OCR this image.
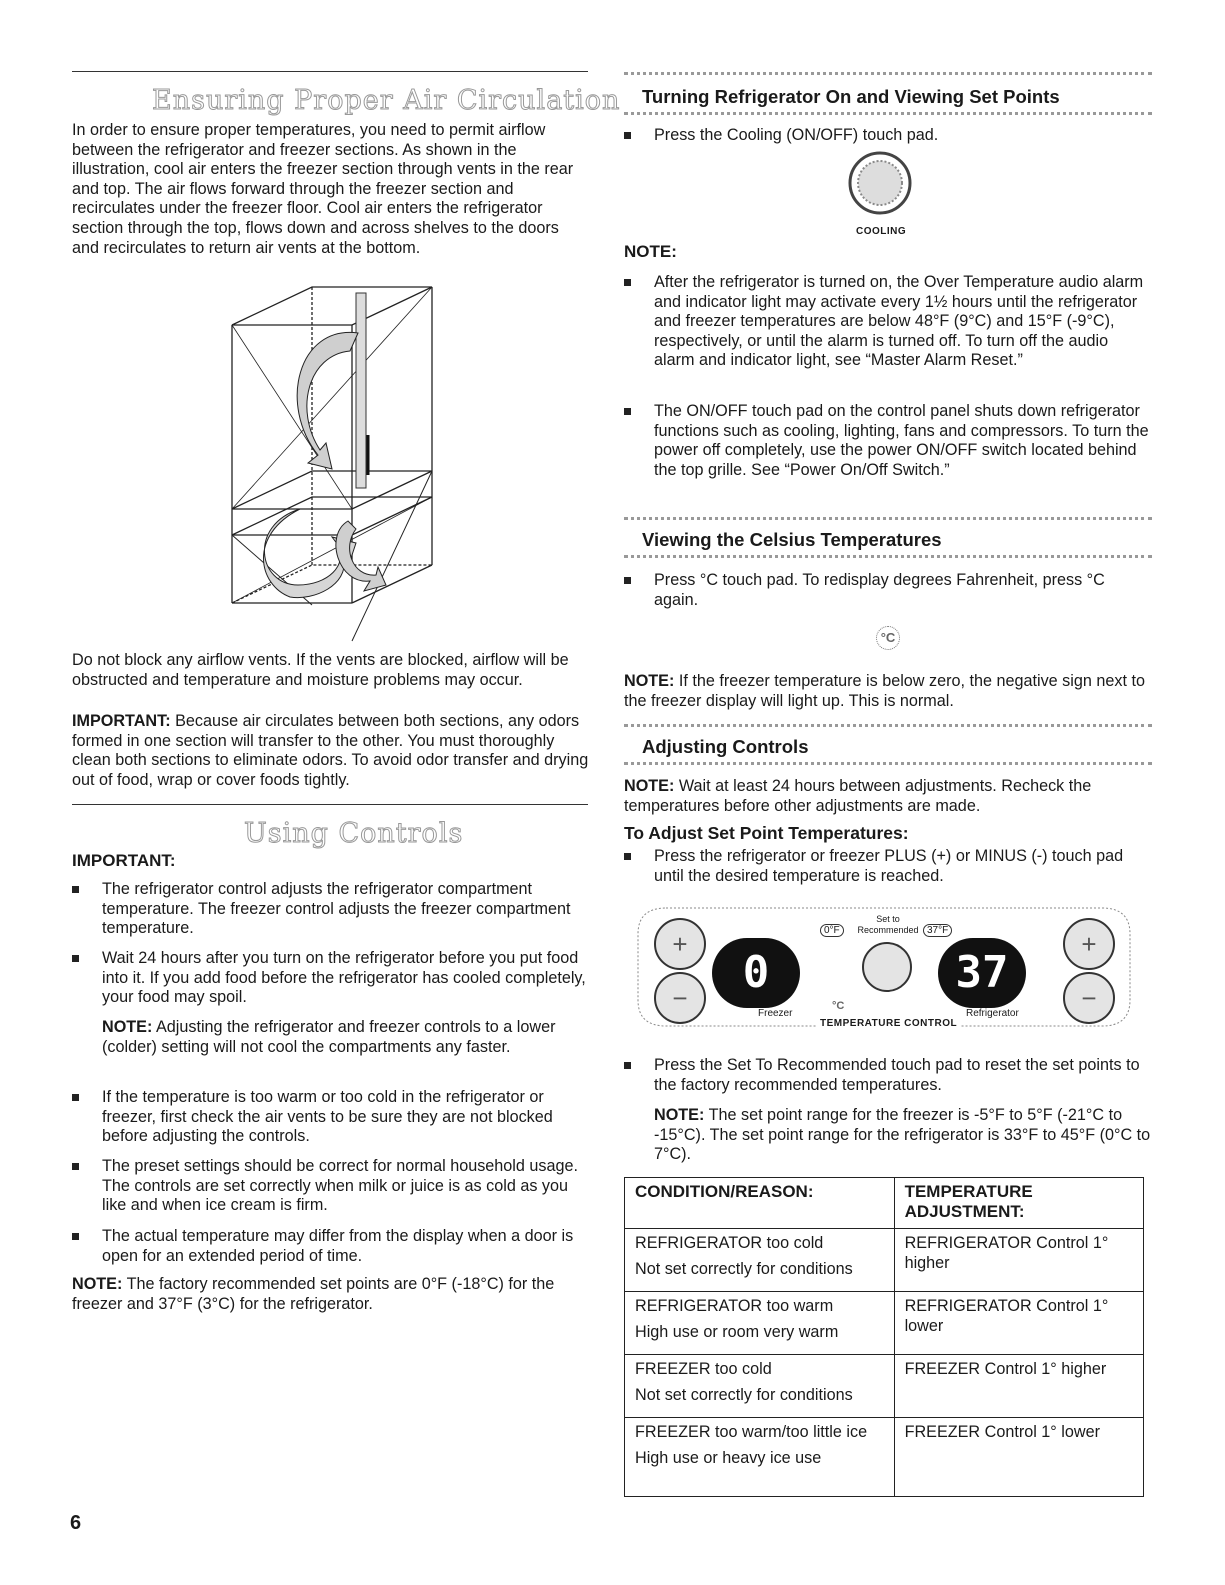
Ensuring Proper Air Circulation

In order to ensure proper temperatures, you need to permit airflow between the refrigerator and freezer sections. As shown in the illustration, cool air enters the freezer section through vents in the rear and top. The air flows forward through the freezer section and recirculates under the freezer floor. Cool air enters the refrigerator section through the top, flows down and across shelves to the doors and recirculates to return air vents at the bottom.

Do not block any airflow vents. If the vents are blocked, airflow will be obstructed and temperature and moisture problems may occur.

IMPORTANT: Because air circulates between both sections, any odors formed in one section will transfer to the other. You must thoroughly clean both sections to eliminate odors. To avoid odor transfer and drying out of food, wrap or cover foods tightly.

Using Controls
IMPORTANT:

The refrigerator control adjusts the refrigerator compartment temperature. The freezer control adjusts the freezer compartment temperature.

Wait 24 hours after you turn on the refrigerator before you put food into it. If you add food before the refrigerator has cooled completely, your food may spoil.

NOTE: Adjusting the refrigerator and freezer controls to a lower (colder) setting will not cool the compartments any faster.

If the temperature is too warm or too cold in the refrigerator or freezer, first check the air vents to be sure they are not blocked before adjusting the controls.

The preset settings should be correct for normal household usage. The controls are set correctly when milk or juice is as cold as you like and when ice cream is firm.

The actual temperature may differ from the display when a door is open for an extended period of time.

NOTE: The factory recommended set points are 0°F (-18°C) for the freezer and 37°F (3°C) for the refrigerator.

Turning Refrigerator On and Viewing Set Points

Press the Cooling (ON/OFF) touch pad.

COOLING
NOTE:

After the refrigerator is turned on, the Over Temperature audio alarm and indicator light may activate every 1½ hours until the refrigerator and freezer temperatures are below 48°F (9°C) and 15°F (-9°C), respectively, or until the alarm is turned off. To turn off the audio alarm and indicator light, see “Master Alarm Reset.”

The ON/OFF touch pad on the control panel shuts down refrigerator functions such as cooling, lighting, fans and compressors. To turn the power off completely, use the power ON/OFF switch located behind the top grille. See “Power On/Off Switch.”

Viewing the Celsius Temperatures

Press °C touch pad. To redisplay degrees Fahrenheit, press °C again.

°C

NOTE: If the freezer temperature is below zero, the negative sign next to the freezer display will light up. This is normal.

Adjusting Controls

NOTE: Wait at least 24 hours between adjustments. Recheck the temperatures before other adjustments are made.

To Adjust Set Point Temperatures:

Press the refrigerator or freezer PLUS (+) or MINUS (-) touch pad until the desired temperature is reached.

+
−	0
0°F
Set to
Recommended 37°F
37
+
−
Freezer
°C
Refrigerator
TEMPERATURE CONTROL

Press the Set To Recommended touch pad to reset the set points to the factory recommended temperatures.

NOTE: The set point range for the freezer is -5°F to 5°F (-21°C to -15°C). The set point range for the refrigerator is 33°F to 45°F (0°C to 7°C).

CONDITION/REASON:	TEMPERATURE ADJUSTMENT:

REFRIGERATOR too cold
Not set correctly for conditions	REFRIGERATOR Control 1° higher

REFRIGERATOR too warm
High use or room very warm	REFRIGERATOR Control 1° lower

FREEZER too cold
Not set correctly for conditions	FREEZER Control 1° higher

FREEZER too warm/too little ice
High use or heavy ice use	FREEZER Control 1° lower
6
